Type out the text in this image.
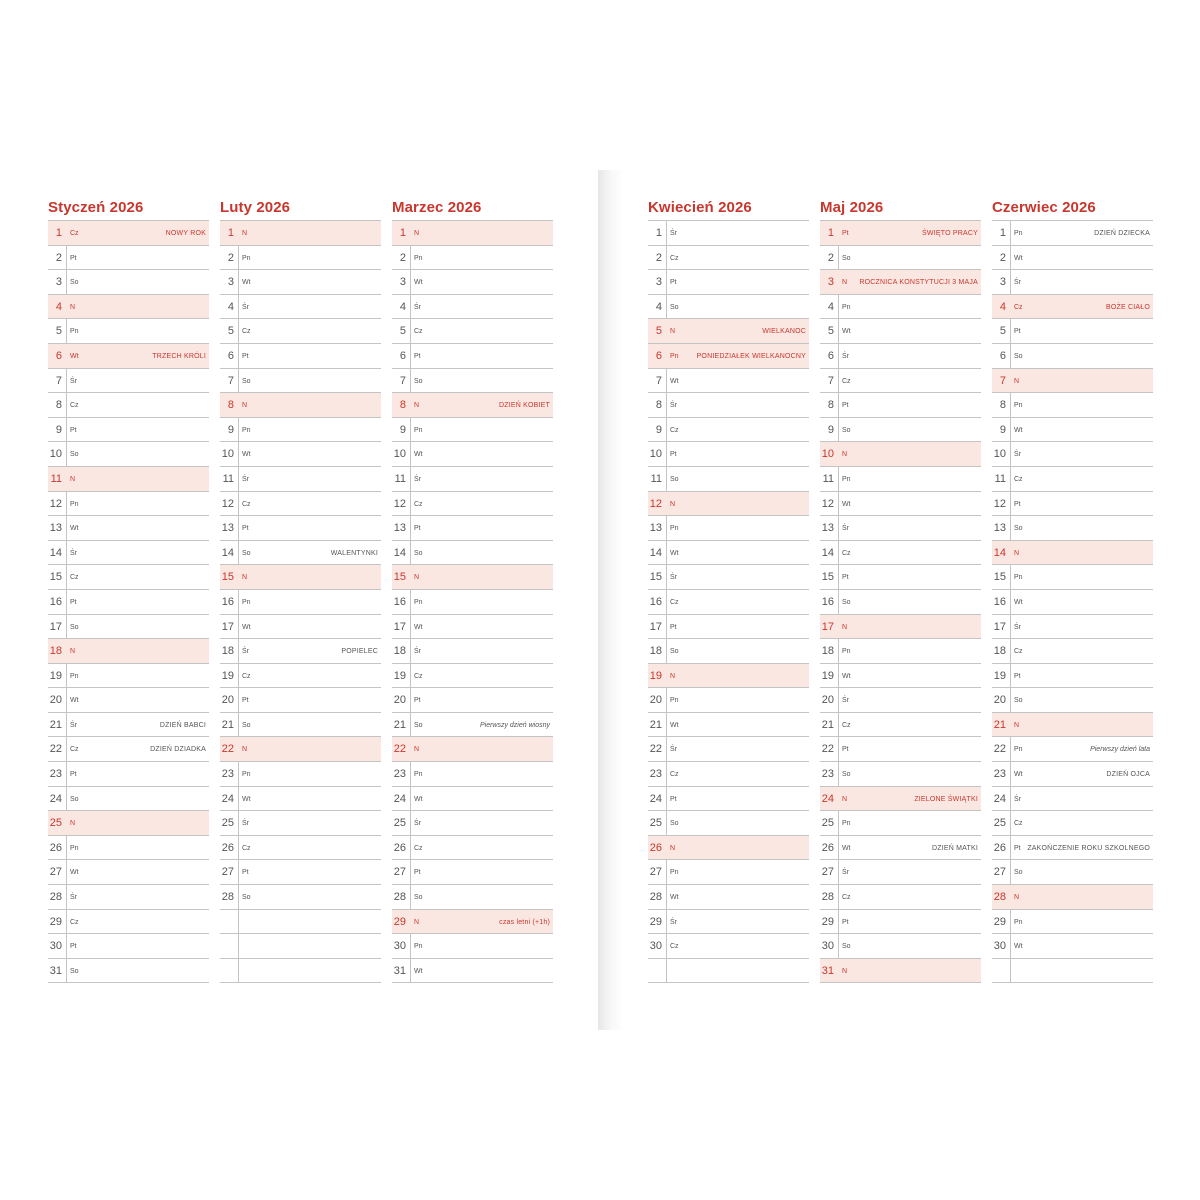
Styczeń 2026
1 Cz	NOWY ROK
2 Pt
3 So
4 N
5 Pn
6 Wt	TRZECH KRÓLI
7 Śr
8 Cz
9 Pt
10 So
11 N
12 Pn
13 Wt
14 Śr
15 Cz
16 Pt
17 So
18 N
19 Pn
20 Wt
21 Śr	DZIEŃ BABCI
22 Cz	DZIEŃ DZIADKA
23 Pt
24 So
25 N
26 Pn
27 Wt
28 Śr
29 Cz
30 Pt
31 So
Luty 2026
1 N
2 Pn
3 Wt
4 Śr
5 Cz
6 Pt
7 So
8 N
9 Pn
10 Wt
11 Śr
12 Cz
13 Pt
14 So	WALENTYNKI
15 N
16 Pn
17 Wt
18 Śr	POPIELEC
19 Cz
20 Pt
21 So
22 N
23 Pn
24 Wt
25 Śr
26 Cz
27 Pt
28 So
Marzec 2026
1 N
2 Pn
3 Wt
4 Śr
5 Cz
6 Pt
7 So
8 N	DZIEŃ KOBIET
9 Pn
10 Wt
11 Śr
12 Cz
13 Pt
14 So
15 N
16 Pn
17 Wt
18 Śr
19 Cz
20 Pt
21 So	Pierwszy dzień wiosny
22 N
23 Pn
24 Wt
25 Śr
26 Cz
27 Pt
28 So
29 N	czas letni (+1h)
30 Pn
31 Wt
Kwiecień 2026
1 Śr
2 Cz
3 Pt
4 So
5 N	WIELKANOC
6 Pn	PONIEDZIAŁEK WIELKANOCNY
7 Wt
8 Śr
9 Cz
10 Pt
11 So
12 N
13 Pn
14 Wt
15 Śr
16 Cz
17 Pt
18 So
19 N
20 Pn
21 Wt
22 Śr
23 Cz
24 Pt
25 So
26 N
27 Pn
28 Wt
29 Śr
30 Cz
Maj 2026
1 Pt	ŚWIĘTO PRACY
2 So
3 N ROCZNICA KONSTYTUCJI 3 MAJA
4 Pn
5 Wt
6 Śr
7 Cz
8 Pt
9 So
10 N
11 Pn
12 Wt
13 Śr
14 Cz
15 Pt
16 So
17 N
18 Pn
19 Wt
20 Śr
21 Cz
22 Pt
23 So
24 N	ZIELONE ŚWIĄTKI
25 Pn
26 Wt	DZIEŃ MATKI
27 Śr
28 Cz
29 Pt
30 So
31 N
Czerwiec 2026
1 Pn	DZIEŃ DZIECKA
2 Wt
3 Śr
4 Cz	BOŻE CIAŁO
5 Pt
6 So
7 N
8 Pn
9 Wt
10 Śr
11 Cz
12 Pt
13 So
14 N
15 Pn
16 Wt
17 Śr
18 Cz
19 Pt
20 So
21 N
22 Pn	Pierwszy dzień lata
23 Wt	DZIEŃ OJCA
24 Śr
25 Cz
26 Pt ZAKOŃCZENIE ROKU SZKOLNEGO
27 So
28 N
29 Pn
30 Wt
